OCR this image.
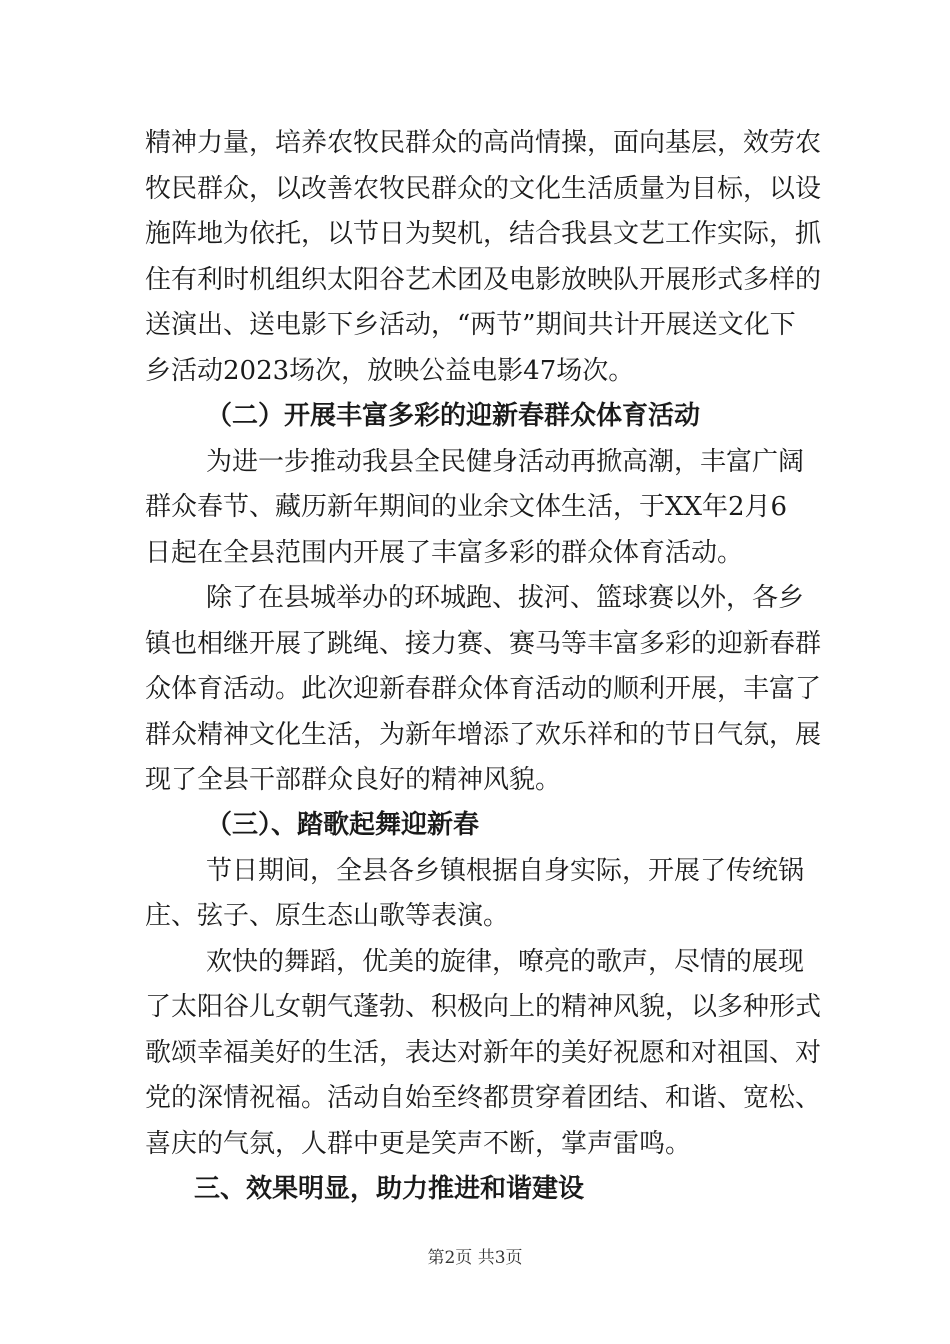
精神力量，培养农牧民群众的高尚情操，面向基层，效劳农
牧民群众，以改善农牧民群众的文化生活质量为目标，以设
施阵地为依托，以节日为契机，结合我县文艺工作实际，抓
住有利时机组织太阳谷艺术团及电影放映队开展形式多样的
送演出、送电影下乡活动，“两节”期间共计开展送文化下
乡活动2023场次，放映公益电影47场次。
（二）开展丰富多彩的迎新春群众体育活动
为进一步推动我县全民健身活动再掀高潮，丰富广阔
群众春节、藏历新年期间的业余文体生活，于XX年2月6
日起在全县范围内开展了丰富多彩的群众体育活动。
除了在县城举办的环城跑、拔河、篮球赛以外，各乡
镇也相继开展了跳绳、接力赛、赛马等丰富多彩的迎新春群
众体育活动。此次迎新春群众体育活动的顺利开展，丰富了
群众精神文化生活，为新年增添了欢乐祥和的节日气氛，展
现了全县干部群众良好的精神风貌。
（三）、踏歌起舞迎新春
节日期间，全县各乡镇根据自身实际，开展了传统锅
庄、弦子、原生态山歌等表演。
欢快的舞蹈，优美的旋律，嘹亮的歌声，尽情的展现
了太阳谷儿女朝气蓬勃、积极向上的精神风貌，以多种形式
歌颂幸福美好的生活，表达对新年的美好祝愿和对祖国、对
党的深情祝福。活动自始至终都贯穿着团结、和谐、宽松、
喜庆的气氛，人群中更是笑声不断，掌声雷鸣。
三、效果明显，助力推进和谐建设
第2页 共3页
